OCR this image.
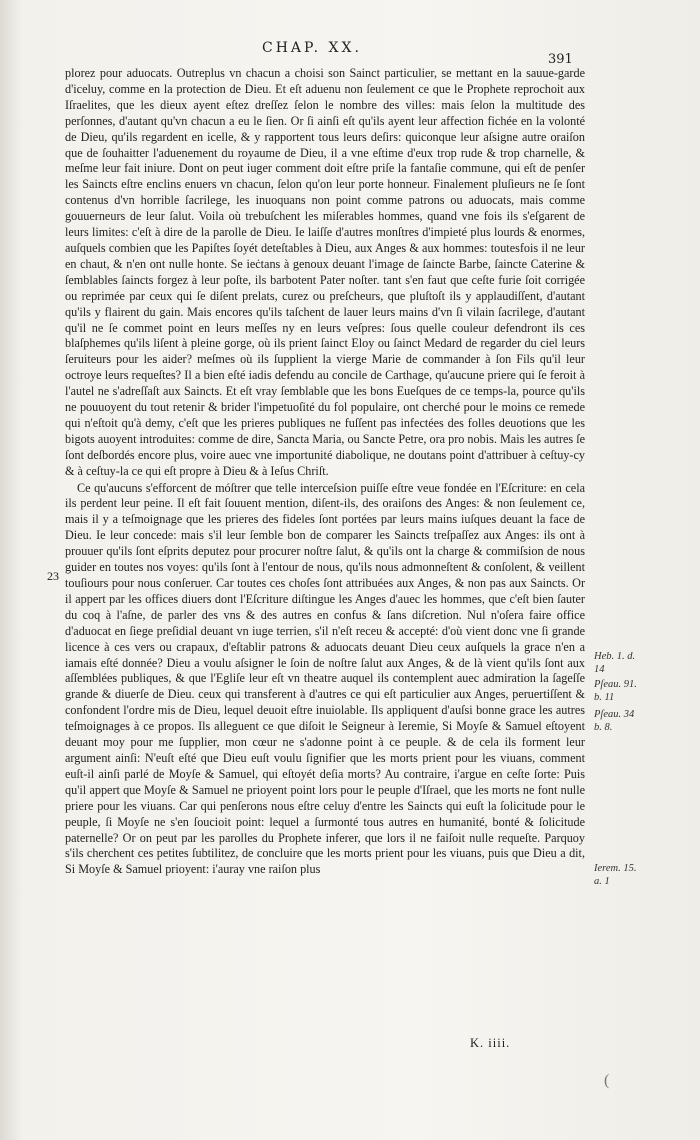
CHAP. XX.
391

plorez pour aduocats. Outreplus vn chacun a choisi son Sainct particulier, se mettant en la sauue-garde d'iceluy, comme en la protection de Dieu. Et eſt aduenu non ſeulement ce que le Prophete reprochoit aux Iſraelites, que les dieux ayent eſtez dreſſez ſelon le nombre des villes: mais ſelon la multitude des perſonnes, d'autant qu'vn chacun a eu le ſien. Or ſi ainſi eſt qu'ils ayent leur affection fichée en la volonté de Dieu, qu'ils regardent en icelle, & y rapportent tous leurs deſirs: quiconque leur aſsigne autre oraiſon que de ſouhaitter l'aduenement du royaume de Dieu, il a vne eſtime d'eux trop rude & trop charnelle, & meſme leur fait iniure. Dont on peut iuger comment doit eſtre priſe la fantaſie commune, qui eſt de penſer les Saincts eſtre enclins enuers vn chacun, ſelon qu'on leur porte honneur. Finalement pluſieurs ne ſe ſont contenus d'vn horrible ſacrilege, les inuoquans non point comme patrons ou aduocats, mais comme gouuerneurs de leur ſalut. Voila où trebuſchent les miſerables hommes, quand vne fois ils s'eſgarent de leurs limites: c'eſt à dire de la parolle de Dieu. Ie laiſſe d'autres monſtres d'impieté plus lourds & enormes, auſquels combien que les Papiſtes ſoyét deteſtables à Dieu, aux Anges & aux hommes: toutesfois il ne leur en chaut, & n'en ont nulle honte. Se ieċtans à genoux deuant l'image de ſaincte Barbe, ſaincte Caterine & ſemblables ſaincts forgez à leur poſte, ils barbotent Pater noſter. tant s'en faut que ceſte furie ſoit corrigée ou reprimée par ceux qui ſe diſent prelats, curez ou preſcheurs, que pluſtoſt ils y applaudiſſent, d'autant qu'ils y flairent du gain. Mais encores qu'ils taſchent de lauer leurs mains d'vn ſi vilain ſacrilege, d'autant qu'il ne ſe commet point en leurs meſſes ny en leurs veſpres: ſous quelle couleur defendront ils ces blaſphemes qu'ils liſent à pleine gorge, où ils prient ſainct Eloy ou ſainct Medard de regarder du ciel leurs ſeruiteurs pour les aider? meſmes où ils ſupplient la vierge Marie de commander à ſon Fils qu'il leur octroye leurs requeſtes? Il a bien eſté iadis defendu au concile de Carthage, qu'aucune priere qui ſe feroit à l'autel ne s'adreſſaſt aux Saincts. Et eſt vray ſemblable que les bons Eueſques de ce temps-la, pource qu'ils ne pouuoyent du tout retenir & brider l'impetuoſité du fol populaire, ont cherché pour le moins ce remede qui n'eſtoit qu'à demy, c'eſt que les prieres publiques ne fuſſent pas infectées des folles deuotions que les bigots auoyent introduites: comme de dire, Sancta Maria, ou Sancte Petre, ora pro nobis. Mais les autres ſe ſont deſbordés encore plus, voire auec vne importunité diabolique, ne doutans point d'attribuer à ceſtuy-cy & à ceſtuy-la ce qui eſt propre à Dieu & à Ieſus Chriſt.

Ce qu'aucuns s'efforcent de móſtrer que telle interceſsion puiſſe eſtre veue fondée en l'Eſcriture: en cela ils perdent leur peine. Il eſt fait ſouuent mention, diſent-ils, des oraiſons des Anges: & non ſeulement ce, mais il y a teſmoignage que les prieres des fideles ſont portées par leurs mains iuſques deuant la face de Dieu. Ie leur concede: mais s'il leur ſemble bon de comparer les Saincts treſpaſſez aux Anges: ils ont à prouuer qu'ils ſont eſprits deputez pour procurer noſtre ſalut, & qu'ils ont la charge & commiſsion de nous guider en toutes nos voyes: qu'ils ſont à l'entour de nous, qu'ils nous admonneſtent & conſolent, & veillent touſiours pour nous conſeruer. Car toutes ces choſes ſont attribuées aux Anges, & non pas aux Saincts. Or il appert par les offices diuers dont l'Eſcriture diſtingue les Anges d'auec les hommes, que c'eſt bien ſauter du coq à l'aſne, de parler des vns & des autres en confus & ſans diſcretion. Nul n'oſera faire office d'aduocat en ſiege preſidial deuant vn iuge terrien, s'il n'eſt receu & accepté: d'où vient donc vne ſi grande licence à ces vers ou crapaux, d'eſtablir patrons & aduocats deuant Dieu ceux auſquels la grace n'en a iamais eſté donnée? Dieu a voulu aſsigner le ſoin de noſtre ſalut aux Anges, & de là vient qu'ils ſont aux aſſemblées publiques, & que l'Egliſe leur eſt vn theatre auquel ils contemplent auec admiration la ſageſſe grande & diuerſe de Dieu. ceux qui transferent à d'autres ce qui eſt particulier aux Anges, peruertiſſent & confondent l'ordre mis de Dieu, lequel deuoit eſtre inuiolable. Ils appliquent d'auſsi bonne grace les autres teſmoignages à ce propos. Ils alleguent ce que diſoit le Seigneur à Ieremie, Si Moyſe & Samuel eſtoyent deuant moy pour me ſupplier, mon cœur ne s'adonne point à ce peuple. & de cela ils forment leur argument ainſi: N'euſt eſté que Dieu euſt voulu ſignifier que les morts prient pour les viuans, comment euſt-il ainſi parlé de Moyſe & Samuel, qui eſtoyét deſia morts? Au contraire, i'argue en ceſte ſorte: Puis qu'il appert que Moyſe & Samuel ne prioyent point lors pour le peuple d'Iſrael, que les morts ne font nulle priere pour les viuans. Car qui penſerons nous eſtre celuy d'entre les Saincts qui euſt la ſolicitude pour le peuple, ſi Moyſe ne s'en ſoucioit point: lequel a ſurmonté tous autres en humanité, bonté & ſolicitude paternelle? Or on peut par les parolles du Prophete inferer, que lors il ne faiſoit nulle requeſte. Parquoy s'ils cherchent ces petites ſubtilitez, de concluire que les morts prient pour les viuans, puis que Dieu a dit, Si Moyſe & Samuel prioyent: i'auray vne raiſon plus

23
Heb. 1. d.
14
Pſeau. 91.
b. 11
Pſeau. 34
b. 8.
Ierem. 15.
a. 1
K. iiii.
(
